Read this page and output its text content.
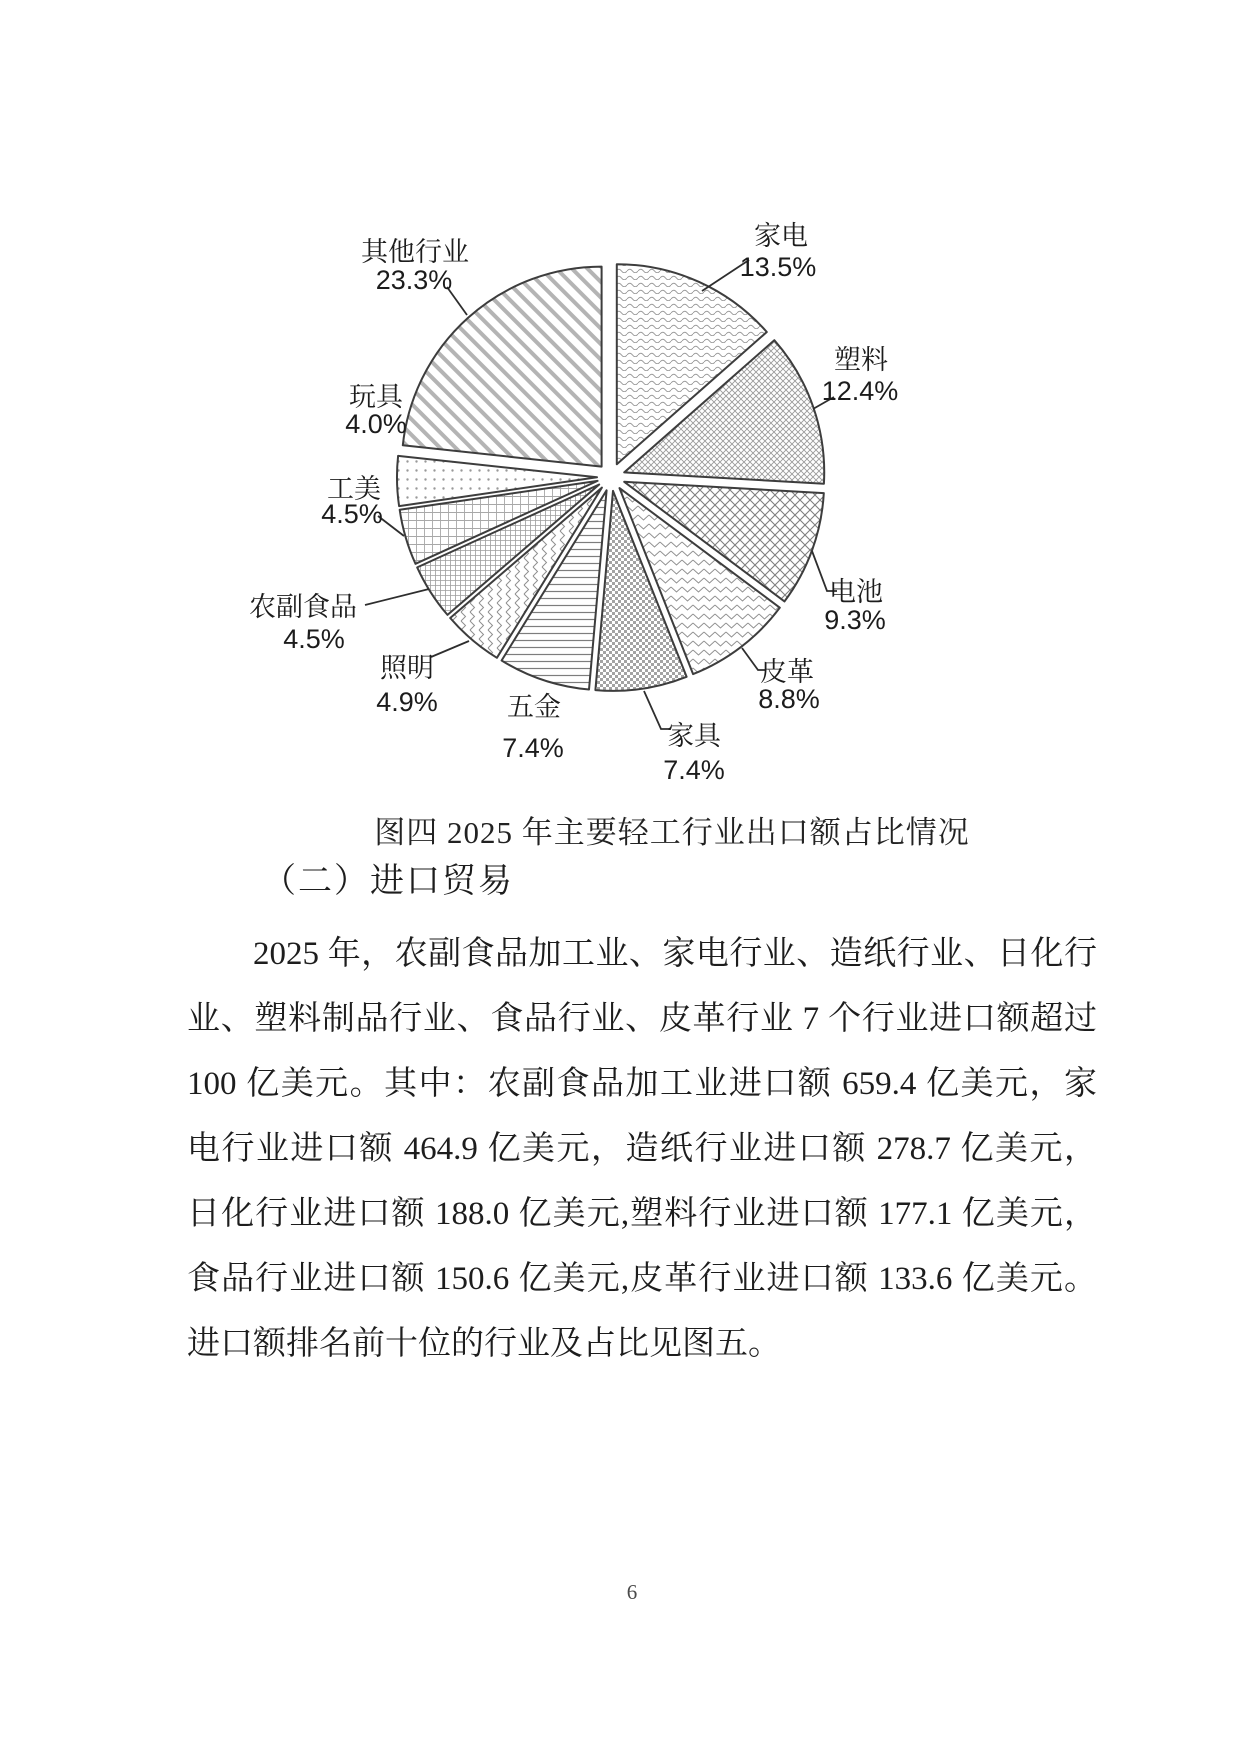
家电
13.5%
塑料
12.4%
电池
9.3%
皮革
8.8%
家具
7.4%
五金
7.4%
照明
4.9%
农副食品
4.5%
工美
4.5%
玩具
4.0%
其他行业
23.3%
图四 2025 年主要轻工行业出口额占比情况
（二）进口贸易
2025 年，农副食品加工业、家电行业、造纸行业、日化行
业、塑料制品行业、食品行业、皮革行业 7 个行业进口额超过
100 亿美元。其中：农副食品加工业进口额 659.4 亿美元，家
电行业进口额 464.9 亿美元，造纸行业进口额 278.7 亿美元，
日化行业进口额 188.0 亿美元,塑料行业进口额 177.1 亿美元，
食品行业进口额 150.6 亿美元,皮革行业进口额 133.6 亿美元。
进口额排名前十位的行业及占比见图五。
6
